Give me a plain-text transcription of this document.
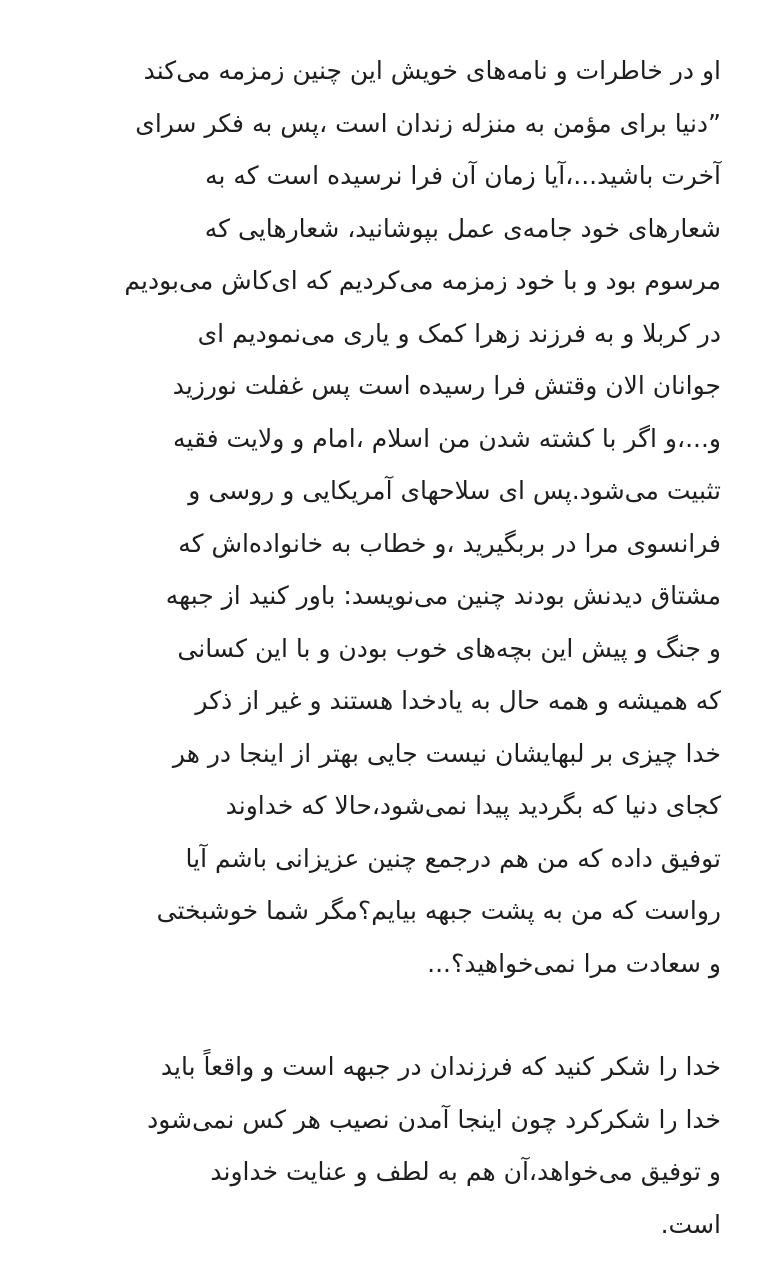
او در خاطرات و نامه‌های خویش این چنین زمزمه می‌کند
”دنیا برای مؤمن به منزله زندان است ،پس به فکر سرای
آخرت باشید...،آیا زمان آن فرا نرسیده است که به
شعارهای خود جامه‌ی عمل بپوشانید، شعارهایی که
مرسوم بود و با خود زمزمه می‌کردیم که ای‌کاش می‌بودیم
در کربلا و به فرزند زهرا کمک و یاری می‌نمودیم ای
جوانان الان وقتش فرا رسیده است پس غفلت نورزید
و...،و اگر با کشته شدن من اسلام ،امام و ولایت فقیه
تثبیت می‌شود.پس ای سلاحهای آمریکایی و روسی و
فرانسوی مرا در بربگیرید ،و خطاب به خانواده‌اش که
مشتاق دیدنش بودند چنین می‌نویسد: باور کنید از جبهه
و جنگ و پیش این بچه‌های خوب بودن و با این کسانی
که همیشه و همه حال به یادخدا هستند و غیر از ذکر
خدا چیزی بر لبهایشان نیست جایی بهتر از اینجا در هر
کجای دنیا که بگردید پیدا نمی‌شود،حالا که خداوند
توفیق داده که من هم درجمع چنین عزیزانی باشم آیا
رواست که من به پشت جبهه بیایم؟مگر شما خوشبختی
و سعادت مرا نمی‌خواهید؟...

خدا را شکر کنید که فرزندان در جبهه است و واقعاً باید
خدا را شکرکرد چون اینجا آمدن نصیب هر کس نمی‌شود
و توفیق می‌خواهد،آن هم به لطف و عنایت خداوند
است.
